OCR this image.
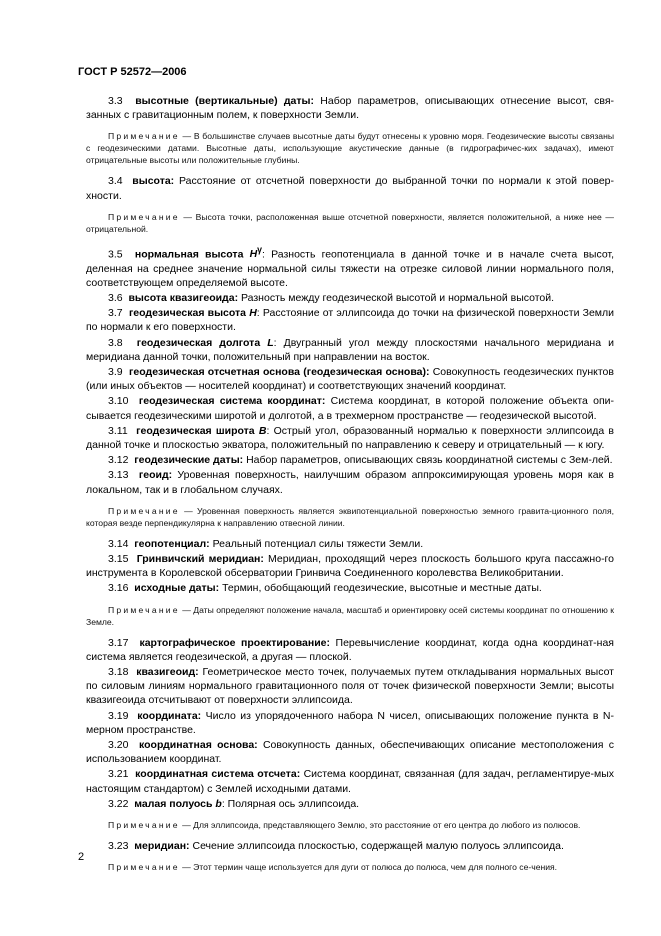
ГОСТ Р 52572—2006

3.3 высотные (вертикальные) даты: Набор параметров, описывающих отнесение высот, свя-занных с гравитационным полем, к поверхности Земли.

Примечание — В большинстве случаев высотные даты будут отнесены к уровню моря. Геодезические высоты связаны с геодезическими датами. Высотные даты, использующие акустические данные (в гидрографичес-ких задачах), имеют отрицательные высоты или положительные глубины.

3.4 высота: Расстояние от отсчетной поверхности до выбранной точки по нормали к этой повер-хности.

Примечание — Высота точки, расположенная выше отсчетной поверхности, является положительной, а ниже нее — отрицательной.

3.5 нормальная высота $H^\gamma$: Разность геопотенциала в данной точке и в начале счета высот, деленная на среднее значение нормальной силы тяжести на отрезке силовой линии нормального поля, соответствующем определяемой высоте.

3.6 высота квазигеоида: Разность между геодезической высотой и нормальной высотой.

3.7 геодезическая высота H: Расстояние от эллипсоида до точки на физической поверхности Земли по нормали к его поверхности.

3.8 геодезическая долгота L: Двугранный угол между плоскостями начального меридиана и меридиана данной точки, положительный при направлении на восток.

3.9 геодезическая отсчетная основа (геодезическая основа): Совокупность геодезических пунктов (или иных объектов — носителей координат) и соответствующих значений координат.

3.10 геодезическая система координат: Система координат, в которой положение объекта опи-сывается геодезическими широтой и долготой, а в трехмерном пространстве — геодезической высотой.

3.11 геодезическая широта B: Острый угол, образованный нормалью к поверхности эллипсоида в данной точке и плоскостью экватора, положительный по направлению к северу и отрицательный — к югу.

3.12 геодезические даты: Набор параметров, описывающих связь координатной системы с Зем-лей.

3.13 геоид: Уровенная поверхность, наилучшим образом аппроксимирующая уровень моря как в локальном, так и в глобальном случаях.

Примечание — Уровенная поверхность является эквипотенциальной поверхностью земного гравита-ционного поля, которая везде перпендикулярна к направлению отвесной линии.

3.14 геопотенциал: Реальный потенциал силы тяжести Земли.

3.15 Гринвичский меридиан: Меридиан, проходящий через плоскость большого круга пассажно-го инструмента в Королевской обсерватории Гринвича Соединенного королевства Великобритании.

3.16 исходные даты: Термин, обобщающий геодезические, высотные и местные даты.

Примечание — Даты определяют положение начала, масштаб и ориентировку осей системы координат по отношению к Земле.

3.17 картографическое проектирование: Перевычисление координат, когда одна координат-ная система является геодезической, а другая — плоской.

3.18 квазигеоид: Геометрическое место точек, получаемых путем откладывания нормальных высот по силовым линиям нормального гравитационного поля от точек физической поверхности Земли; высоты квазигеоида отсчитывают от поверхности эллипсоида.

3.19 координата: Число из упорядоченного набора N чисел, описывающих положение пункта в N-мерном пространстве.

3.20 координатная основа: Совокупность данных, обеспечивающих описание местоположения с использованием координат.

3.21 координатная система отсчета: Система координат, связанная (для задач, регламентируе-мых настоящим стандартом) с Землей исходными датами.

3.22 малая полуось b: Полярная ось эллипсоида.

Примечание — Для эллипсоида, представляющего Землю, это расстояние от его центра до любого из полюсов.

3.23 меридиан: Сечение эллипсоида плоскостью, содержащей малую полуось эллипсоида.

Примечание — Этот термин чаще используется для дуги от полюса до полюса, чем для полного се-чения.

2
